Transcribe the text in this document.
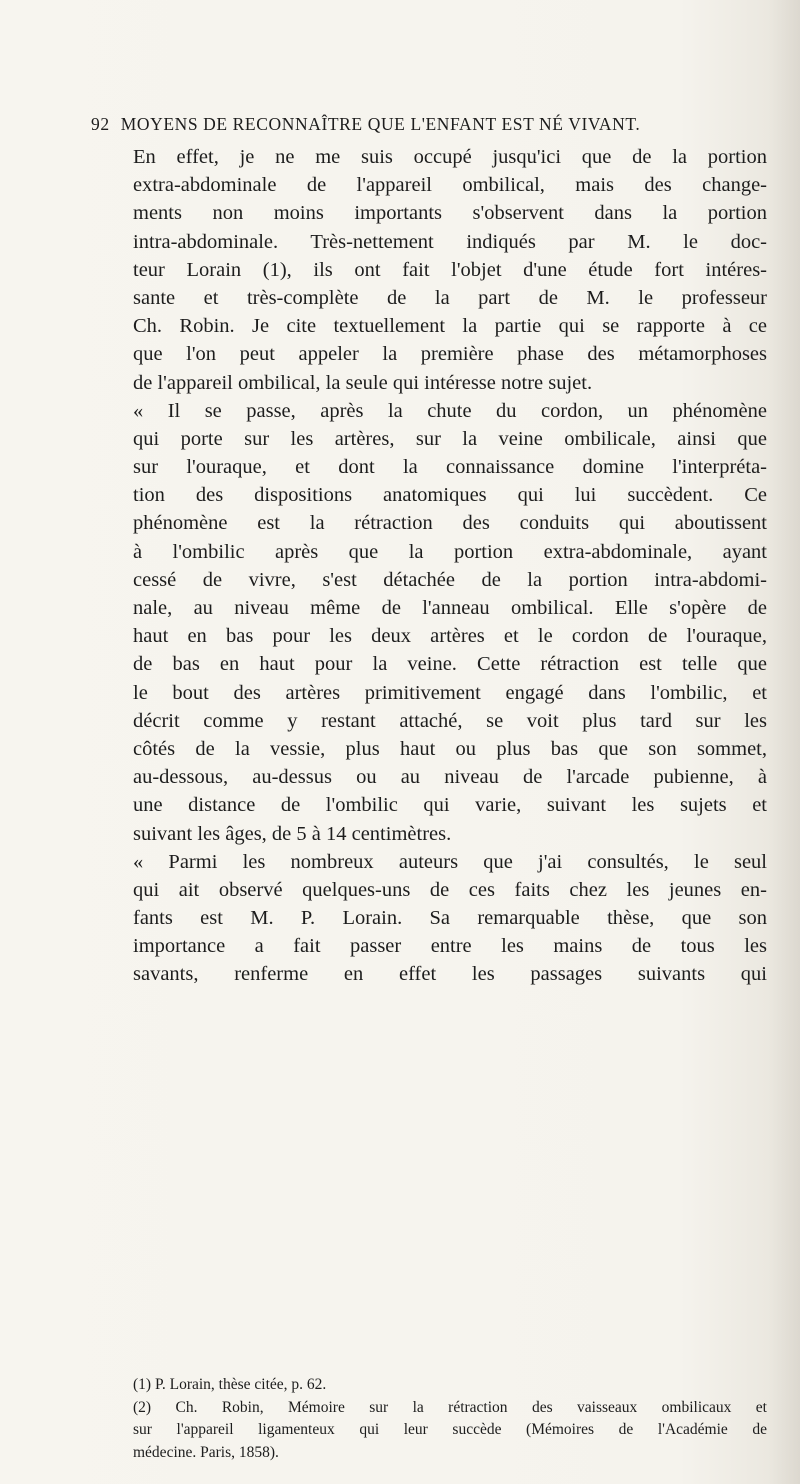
92 MOYENS DE RECONNAÎTRE QUE L'ENFANT EST NÉ VIVANT.
En effet, je ne me suis occupé jusqu'ici que de la portion
extra-abdominale de l'appareil ombilical, mais des change-
ments non moins importants s'observent dans la portion
intra-abdominale. Très-nettement indiqués par M. le doc-
teur Lorain (1), ils ont fait l'objet d'une étude fort intéres-
sante et très-complète de la part de M. le professeur
Ch. Robin. Je cite textuellement la partie qui se rapporte à ce
que l'on peut appeler la première phase des métamorphoses
de l'appareil ombilical, la seule qui intéresse notre sujet.
« Il se passe, après la chute du cordon, un phénomène
qui porte sur les artères, sur la veine ombilicale, ainsi que
sur l'ouraque, et dont la connaissance domine l'interpréta-
tion des dispositions anatomiques qui lui succèdent. Ce
phénomène est la rétraction des conduits qui aboutissent
à l'ombilic après que la portion extra-abdominale, ayant
cessé de vivre, s'est détachée de la portion intra-abdomi-
nale, au niveau même de l'anneau ombilical. Elle s'opère de
haut en bas pour les deux artères et le cordon de l'ouraque,
de bas en haut pour la veine. Cette rétraction est telle que
le bout des artères primitivement engagé dans l'ombilic, et
décrit comme y restant attaché, se voit plus tard sur les
côtés de la vessie, plus haut ou plus bas que son sommet,
au-dessous, au-dessus ou au niveau de l'arcade pubienne, à
une distance de l'ombilic qui varie, suivant les sujets et
suivant les âges, de 5 à 14 centimètres.
« Parmi les nombreux auteurs que j'ai consultés, le seul
qui ait observé quelques-uns de ces faits chez les jeunes en-
fants est M. P. Lorain. Sa remarquable thèse, que son
importance a fait passer entre les mains de tous les
savants, renferme en effet les passages suivants qui
(1) P. Lorain, thèse citée, p. 62.
(2) Ch. Robin, Mémoire sur la rétraction des vaisseaux ombilicaux et
sur l'appareil ligamenteux qui leur succède (Mémoires de l'Académie de
médecine. Paris, 1858).
